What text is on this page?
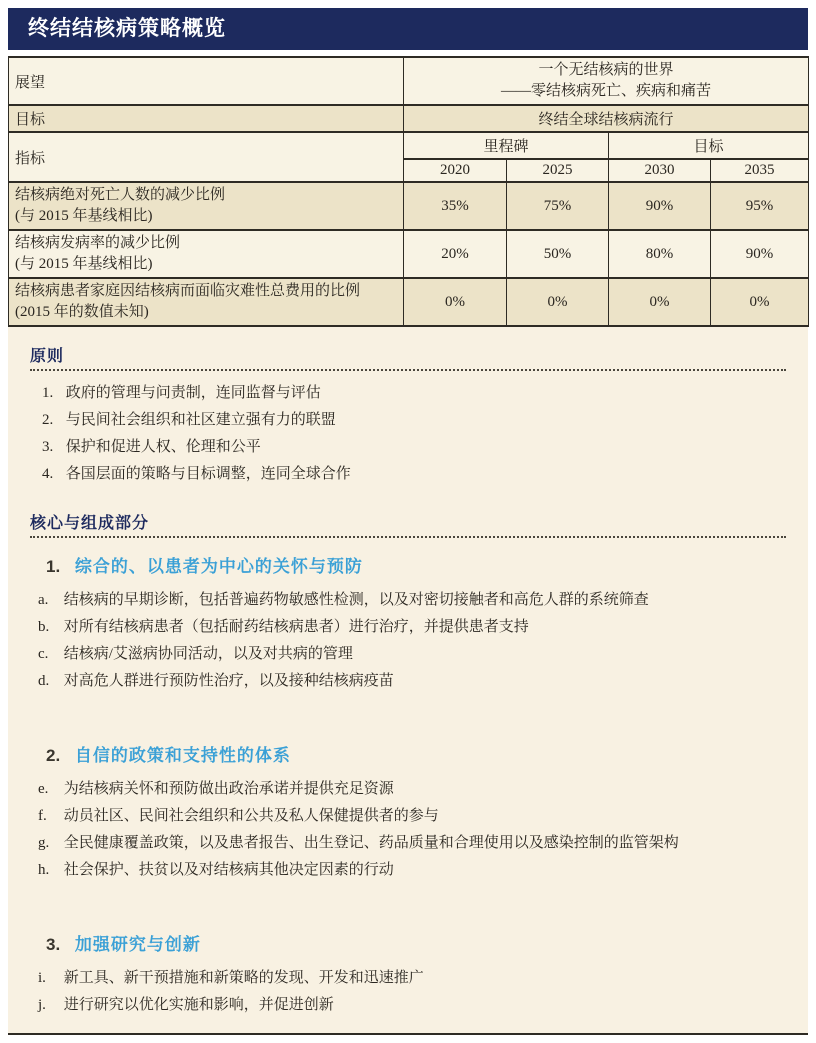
终结结核病策略概览
展望	一个无结核病的世界
——零结核病死亡、疾病和痛苦			

目标	终结全球结核病流行			
指标	里程碑		目标	
	2020	2025	2030	2035

结核病绝对死亡人数的减少比例
(与 2015 年基线相比)	35%	75%	90%	95%

结核病发病率的减少比例
(与 2015 年基线相比)	20%	50%	80%	90%

结核病患者家庭因结核病而面临灾难性总费用的比例
(2015 年的数值未知)	0%	0%	0%	0%
原则
1. 政府的管理与问责制，连同监督与评估
2. 与民间社会组织和社区建立强有力的联盟
3. 保护和促进人权、伦理和公平
4. 各国层面的策略与目标调整，连同全球合作
核心与组成部分
1. 综合的、以患者为中心的关怀与预防
a. 结核病的早期诊断，包括普遍药物敏感性检测，以及对密切接触者和高危人群的系统筛查
b. 对所有结核病患者（包括耐药结核病患者）进行治疗，并提供患者支持
c. 结核病/艾滋病协同活动，以及对共病的管理
d. 对高危人群进行预防性治疗，以及接种结核病疫苗
2. 自信的政策和支持性的体系
e. 为结核病关怀和预防做出政治承诺并提供充足资源
f. 动员社区、民间社会组织和公共及私人保健提供者的参与
g. 全民健康覆盖政策，以及患者报告、出生登记、药品质量和合理使用以及感染控制的监管架构
h. 社会保护、扶贫以及对结核病其他决定因素的行动
3. 加强研究与创新
i. 新工具、新干预措施和新策略的发现、开发和迅速推广
j. 进行研究以优化实施和影响，并促进创新
